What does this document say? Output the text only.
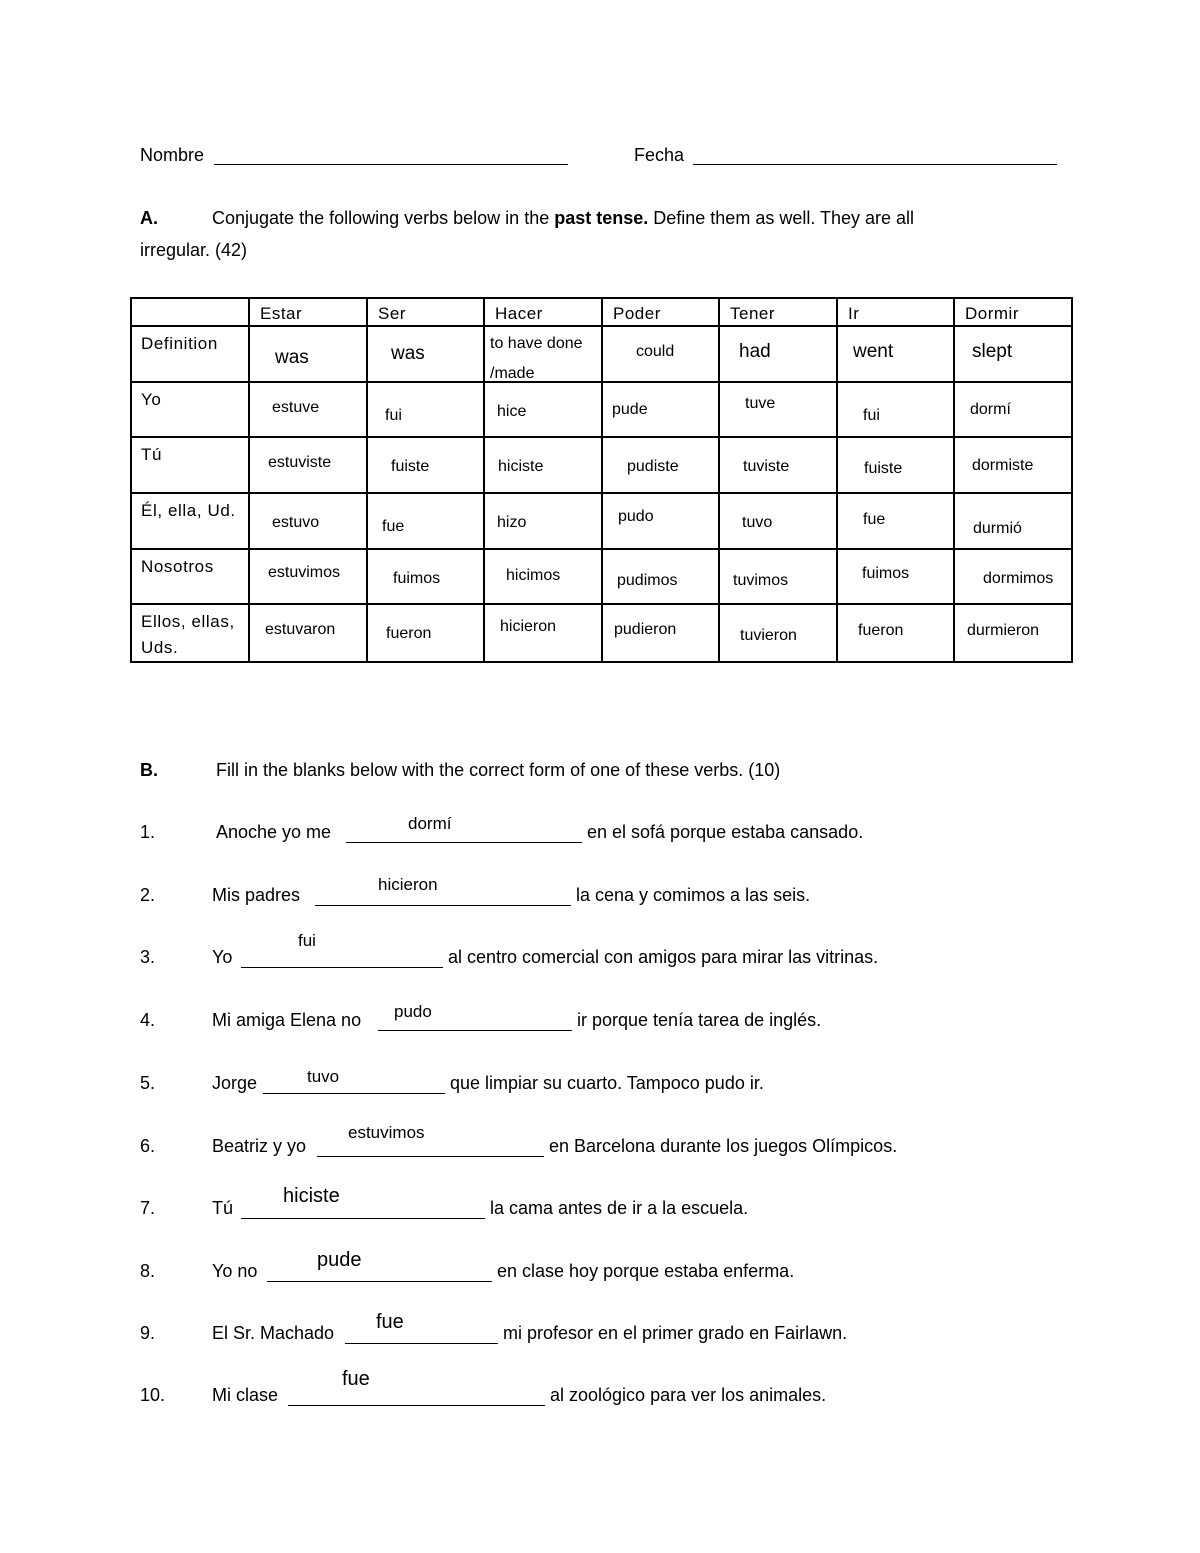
Nombre	Fecha
A.	Conjugate the following verbs below in the past tense. Define them as well. They are all
irregular. (42)
	Estar	Ser	Hacer	Poder	Tener	Ir	Dormir
Definition	was	was	to have done /made	could	had	went	slept

Yo	estuve	fui	hice	pude	tuve	fui	dormí

Tú	estuviste	fuiste	hiciste	pudiste	tuviste	fuiste	dormiste

Él, ella, Ud.	estuvo	fue	hizo	pudo	tuvo	fue	durmió

Nosotros	estuvimos	fuimos	hicimos	pudimos	tuvimos	fuimos	dormimos

Ellos, ellas, Uds.	estuvaron	fueron	hicieron	pudieron	tuvieron	fueron	durmieron
B.	Fill in the blanks below with the correct form of one of these verbs. (10)
1.	Anoche yo me	dormí	en el sofá porque estaba cansado.
2.	Mis padres
hicieron
la cena y comimos a las seis.
3.	Yo
fui
al centro comercial con amigos para mirar las vitrinas.
4.	Mi amiga Elena no pudo	ir porque tenía tarea de inglés.
5.	Jorge	tuvo	que limpiar su cuarto. Tampoco pudo ir.
6.	Beatriz y yo
estuvimos
en Barcelona durante los juegos Olímpicos.
7.	Tú
hiciste
la cama antes de ir a la escuela.
8.	Yo no	pude	en clase hoy porque estaba enferma.
9.	El Sr. Machado fue	mi profesor en el primer grado en Fairlawn.
10.	Mi clase
fue
al zoológico para ver los animales.
